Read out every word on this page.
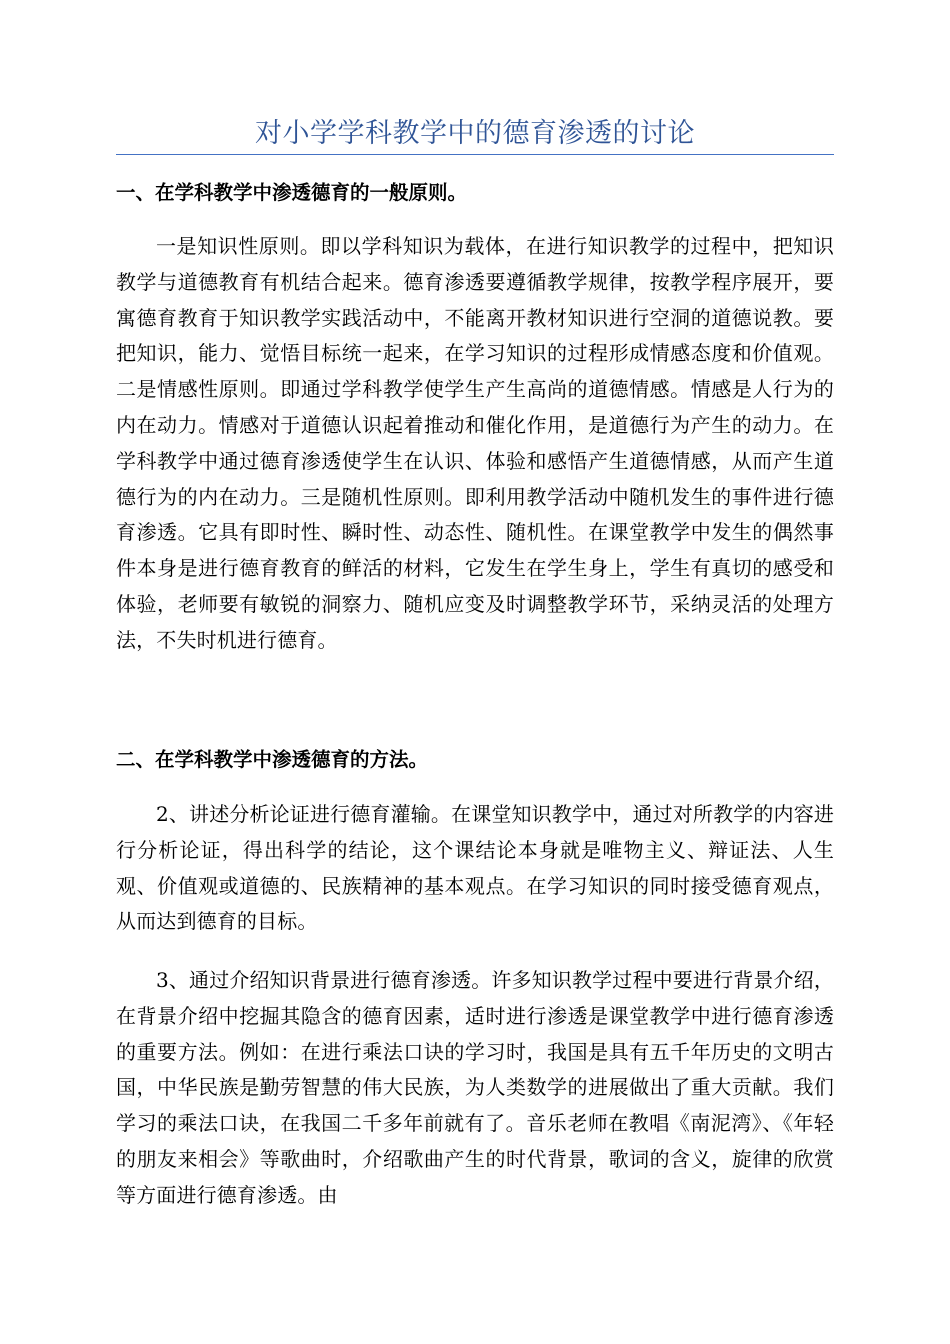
对小学学科教学中的德育渗透的讨论
一、在学科教学中渗透德育的一般原则。
一是知识性原则。即以学科知识为载体，在进行知识教学的过程中，把知识教学与道德教育有机结合起来。德育渗透要遵循教学规律，按教学程序展开，要寓德育教育于知识教学实践活动中，不能离开教材知识进行空洞的道德说教。要把知识，能力、觉悟目标统一起来，在学习知识的过程形成情感态度和价值观。二是情感性原则。即通过学科教学使学生产生高尚的道德情感。情感是人行为的内在动力。情感对于道德认识起着推动和催化作用，是道德行为产生的动力。在学科教学中通过德育渗透使学生在认识、体验和感悟产生道德情感，从而产生道德行为的内在动力。三是随机性原则。即利用教学活动中随机发生的事件进行德育渗透。它具有即时性、瞬时性、动态性、随机性。在课堂教学中发生的偶然事件本身是进行德育教育的鲜活的材料，它发生在学生身上，学生有真切的感受和体验，老师要有敏锐的洞察力、随机应变及时调整教学环节，采纳灵活的处理方法，不失时机进行德育。
二、在学科教学中渗透德育的方法。
2、讲述分析论证进行德育灌输。在课堂知识教学中，通过对所教学的内容进行分析论证，得出科学的结论，这个课结论本身就是唯物主义、辩证法、人生观、价值观或道德的、民族精神的基本观点。在学习知识的同时接受德育观点，从而达到德育的目标。
3、通过介绍知识背景进行德育渗透。许多知识教学过程中要进行背景介绍，在背景介绍中挖掘其隐含的德育因素，适时进行渗透是课堂教学中进行德育渗透的重要方法。例如：在进行乘法口诀的学习时，我国是具有五千年历史的文明古国，中华民族是勤劳智慧的伟大民族，为人类数学的进展做出了重大贡献。我们学习的乘法口诀，在我国二千多年前就有了。音乐老师在教唱《南泥湾》、《年轻的朋友来相会》等歌曲时，介绍歌曲产生的时代背景，歌词的含义，旋律的欣赏等方面进行德育渗透。由
